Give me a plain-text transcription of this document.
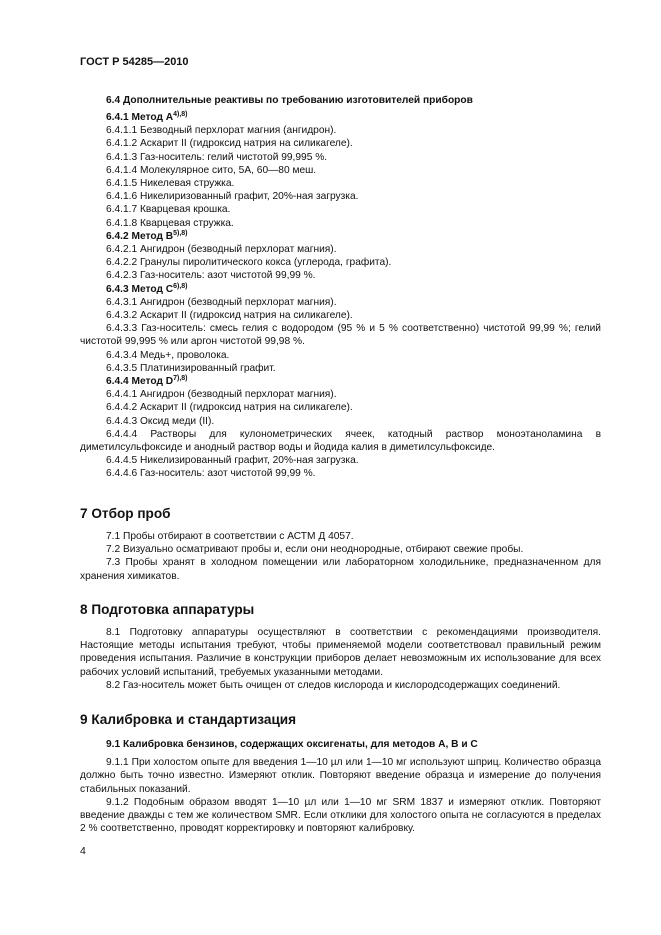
ГОСТ Р 54285—2010
6.4 Дополнительные реактивы по требованию изготовителей приборов
6.4.1 Метод $А^{4),8)}$
6.4.1.1 Безводный перхлорат магния (ангидрон).
6.4.1.2 Аскарит II (гидроксид натрия на силикагеле).
6.4.1.3 Газ-носитель: гелий чистотой 99,995 %.
6.4.1.4 Молекулярное сито, 5А, 60—80 меш.
6.4.1.5 Никелевая стружка.
6.4.1.6 Никелиризованный графит, 20%-ная загрузка.
6.4.1.7 Кварцевая крошка.
6.4.1.8 Кварцевая стружка.
6.4.2 Метод $В^{5),8)}$
6.4.2.1 Ангидрон (безводный перхлорат магния).
6.4.2.2 Гранулы пиролитического кокса (углерода, графита).
6.4.2.3 Газ-носитель: азот чистотой 99,99 %.
6.4.3 Метод $С^{6),8)}$
6.4.3.1 Ангидрон (безводный перхлорат магния).
6.4.3.2 Аскарит II (гидроксид натрия на силикагеле).
6.4.3.3 Газ-носитель: смесь гелия с водородом (95 % и 5 % соответственно) чистотой 99,99 %; гелий чистотой 99,995 % или аргон чистотой 99,98 %.
6.4.3.4 Медь+, проволока.
6.4.3.5 Платинизированный графит.
6.4.4 Метод $D^{7),8)}$
6.4.4.1 Ангидрон (безводный перхлорат магния).
6.4.4.2 Аскарит II (гидроксид натрия на силикагеле).
6.4.4.3 Оксид меди (II).
6.4.4.4 Растворы для кулонометрических ячеек, катодный раствор моноэтаноламина в диметилсульфоксиде и анодный раствор воды и йодида калия в диметилсульфоксиде.
6.4.4.5 Никелизированный графит, 20%-ная загрузка.
6.4.4.6 Газ-носитель: азот чистотой 99,99 %.
7 Отбор проб
7.1 Пробы отбирают в соответствии с АСТМ Д 4057.
7.2 Визуально осматривают пробы и, если они неоднородные, отбирают свежие пробы.
7.3 Пробы хранят в холодном помещении или лабораторном холодильнике, предназначенном для хранения химикатов.
8 Подготовка аппаратуры
8.1 Подготовку аппаратуры осуществляют в соответствии с рекомендациями производителя. Настоящие методы испытания требуют, чтобы применяемой модели соответствовал правильный режим проведения испытания. Различие в конструкции приборов делает невозможным их использование для всех рабочих условий испытаний, требуемых указанными методами.
8.2 Газ-носитель может быть очищен от следов кислорода и кислородсодержащих соединений.
9 Калибровка и стандартизация
9.1 Калибровка бензинов, содержащих оксигенаты, для методов А, В и С
9.1.1 При холостом опыте для введения 1—10 µл или 1—10 мг используют шприц. Количество образца должно быть точно известно. Измеряют отклик. Повторяют введение образца и измерение до получения стабильных показаний.
9.1.2 Подобным образом вводят 1—10 µл или 1—10 мг SRM 1837 и измеряют отклик. Повторяют введение дважды с тем же количеством SMR. Если отклики для холостого опыта не согласуются в пределах 2 % соответственно, проводят корректировку и повторяют калибровку.
4
